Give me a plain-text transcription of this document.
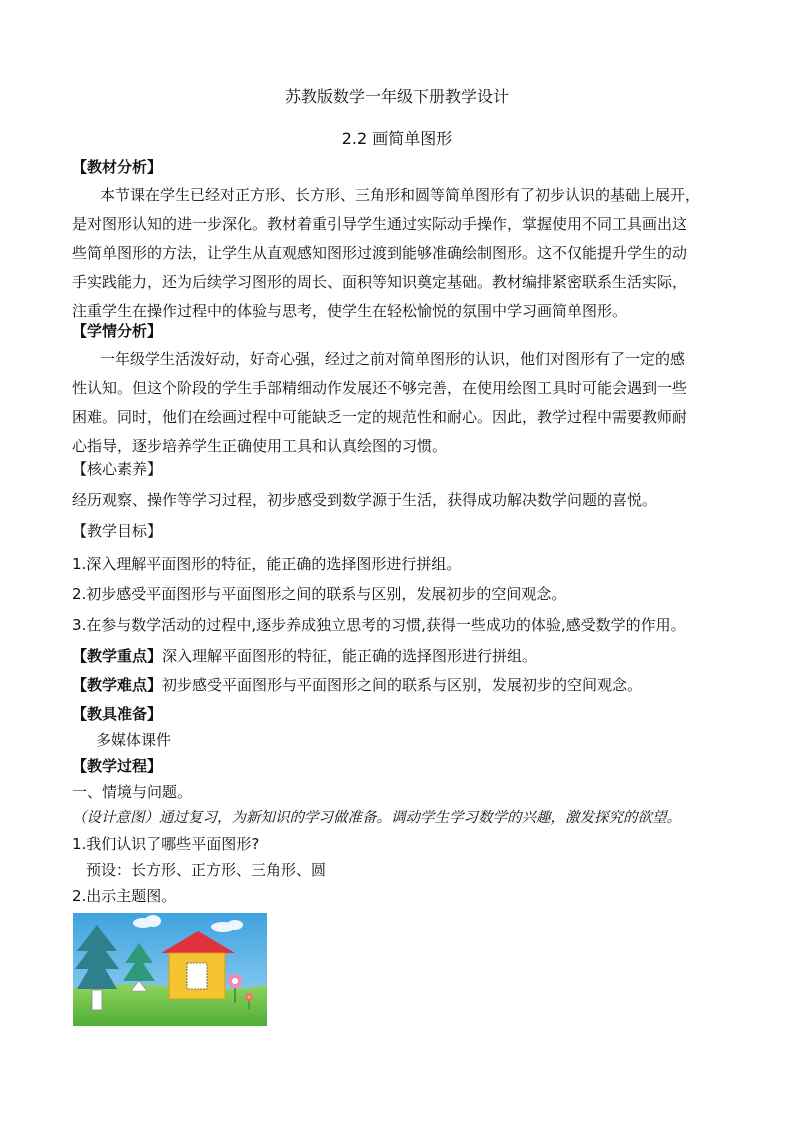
苏教版数学一年级下册教学设计
2.2 画简单图形
【教材分析】
本节课在学生已经对正方形、长方形、三角形和圆等简单图形有了初步认识的基础上展开，
是对图形认知的进一步深化。教材着重引导学生通过实际动手操作，掌握使用不同工具画出这
些简单图形的方法，让学生从直观感知图形过渡到能够准确绘制图形。这不仅能提升学生的动
手实践能力，还为后续学习图形的周长、面积等知识奠定基础。教材编排紧密联系生活实际，
注重学生在操作过程中的体验与思考，使学生在轻松愉悦的氛围中学习画简单图形。
【学情分析】
一年级学生活泼好动，好奇心强，经过之前对简单图形的认识，他们对图形有了一定的感
性认知。但这个阶段的学生手部精细动作发展还不够完善，在使用绘图工具时可能会遇到一些
困难。同时，他们在绘画过程中可能缺乏一定的规范性和耐心。因此，教学过程中需要教师耐
心指导，逐步培养学生正确使用工具和认真绘图的习惯。
【核心素养】
经历观察、操作等学习过程，初步感受到数学源于生活，获得成功解决数学问题的喜悦。
【教学目标】
1.深入理解平面图形的特征，能正确的选择图形进行拼组。
2.初步感受平面图形与平面图形之间的联系与区别，发展初步的空间观念。
3.在参与数学活动的过程中,逐步养成独立思考的习惯,获得一些成功的体验,感受数学的作用。
【教学重点】深入理解平面图形的特征，能正确的选择图形进行拼组。
【教学难点】初步感受平面图形与平面图形之间的联系与区别，发展初步的空间观念。
【教具准备】
多媒体课件
【教学过程】
一、情境与问题。
（设计意图）通过复习，为新知识的学习做准备。调动学生学习数学的兴趣，激发探究的欲望。
1.我们认识了哪些平面图形?
预设：长方形、正方形、三角形、圆
2.出示主题图。
